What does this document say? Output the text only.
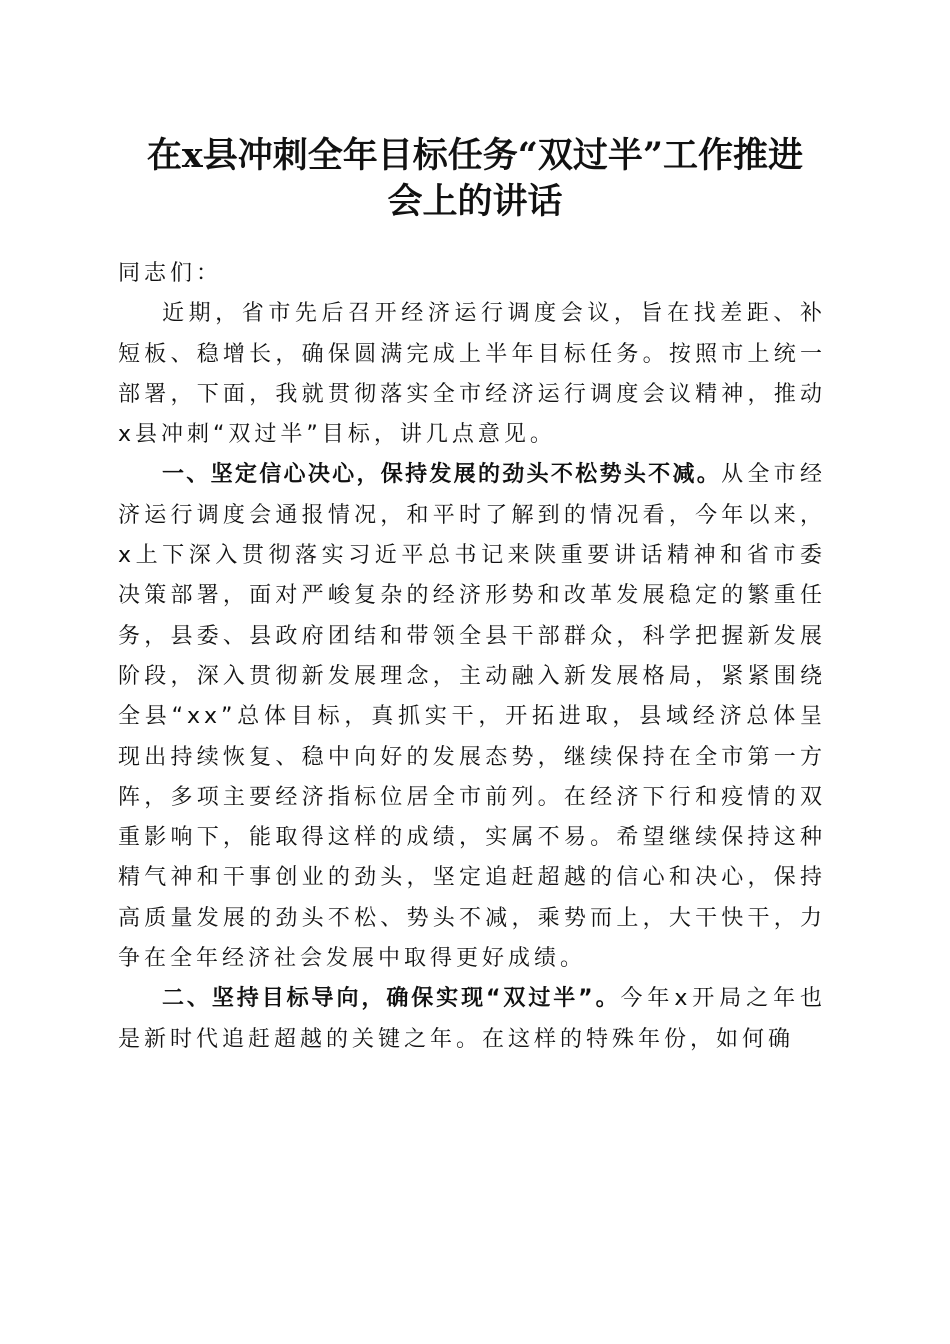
在x县冲刺全年目标任务“双过半”工作推进
会上的讲话

同志们：

近期，省市先后召开经济运行调度会议，旨在找差距、补短板、稳增长，确保圆满完成上半年目标任务。按照市上统一部署，下面，我就贯彻落实全市经济运行调度会议精神，推动x县冲刺“双过半”目标，讲几点意见。

一、坚定信心决心，保持发展的劲头不松势头不减。从全市经济运行调度会通报情况，和平时了解到的情况看，今年以来，x上下深入贯彻落实习近平总书记来陕重要讲话精神和省市委决策部署，面对严峻复杂的经济形势和改革发展稳定的繁重任务，县委、县政府团结和带领全县干部群众，科学把握新发展阶段，深入贯彻新发展理念，主动融入新发展格局，紧紧围绕全县“xx”总体目标，真抓实干，开拓进取，县域经济总体呈现出持续恢复、稳中向好的发展态势，继续保持在全市第一方阵，多项主要经济指标位居全市前列。在经济下行和疫情的双重影响下，能取得这样的成绩，实属不易。希望继续保持这种精气神和干事创业的劲头，坚定追赶超越的信心和决心，保持高质量发展的劲头不松、势头不减，乘势而上，大干快干，力争在全年经济社会发展中取得更好成绩。

二、坚持目标导向，确保实现“双过半”。今年x开局之年也是新时代追赶超越的关键之年。在这样的特殊年份，如何确
